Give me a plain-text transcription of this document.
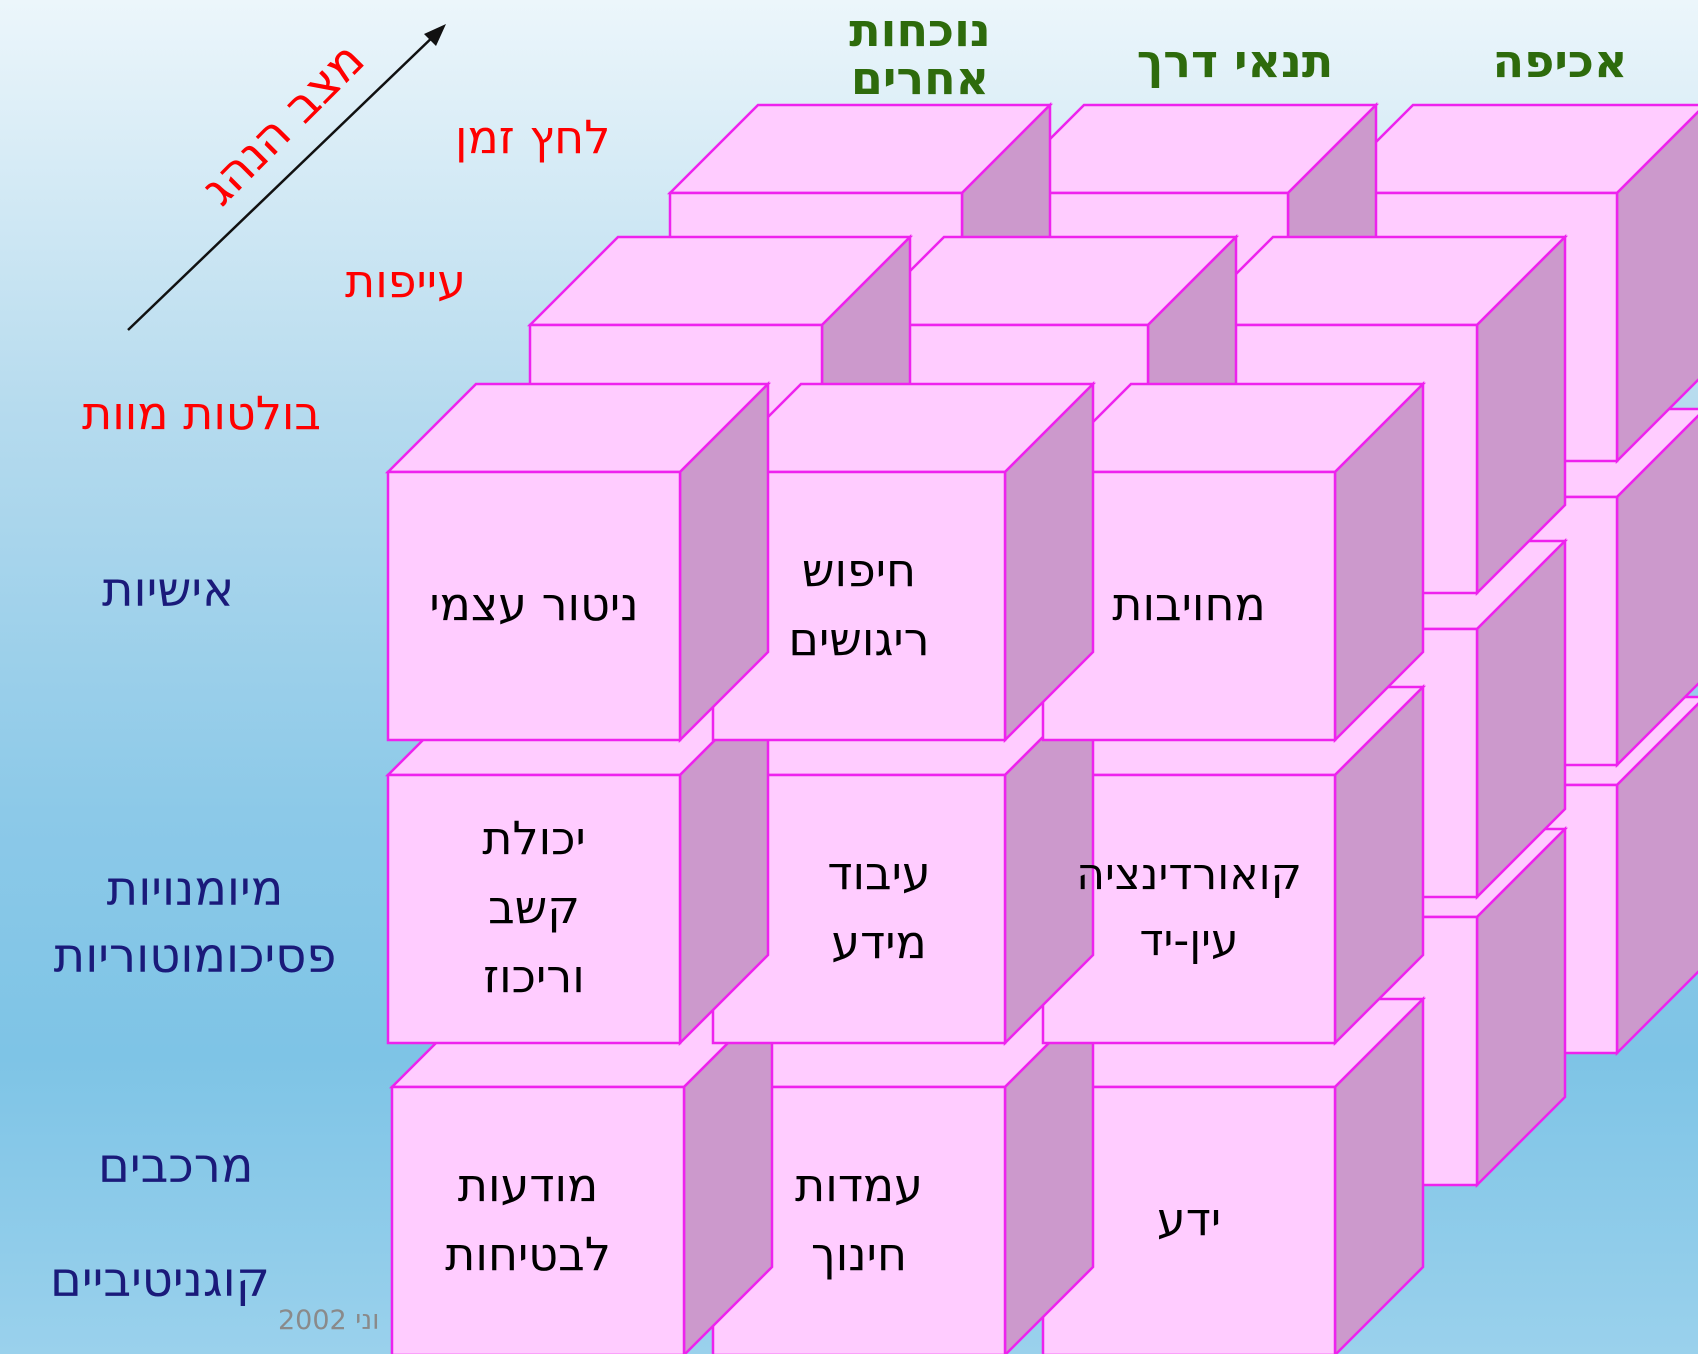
מצב הנהג
נוכחות
אחרים	תנאי דרך	אכיפה
לחץ זמן
עייפות
בולטות מוות
אישיות
מיומנויות
פסיכומוטוריות
מרכבים
קוגניטיביים
ניטור עצמי
חיפוש
ריגושים
מחויבות
יכולת
קשב
וריכוז
עיבוד
מידע
קואורדינציה
עין-יד
מודעות
לבטיחות
עמדות
חינוך
ידע
וני 2002
